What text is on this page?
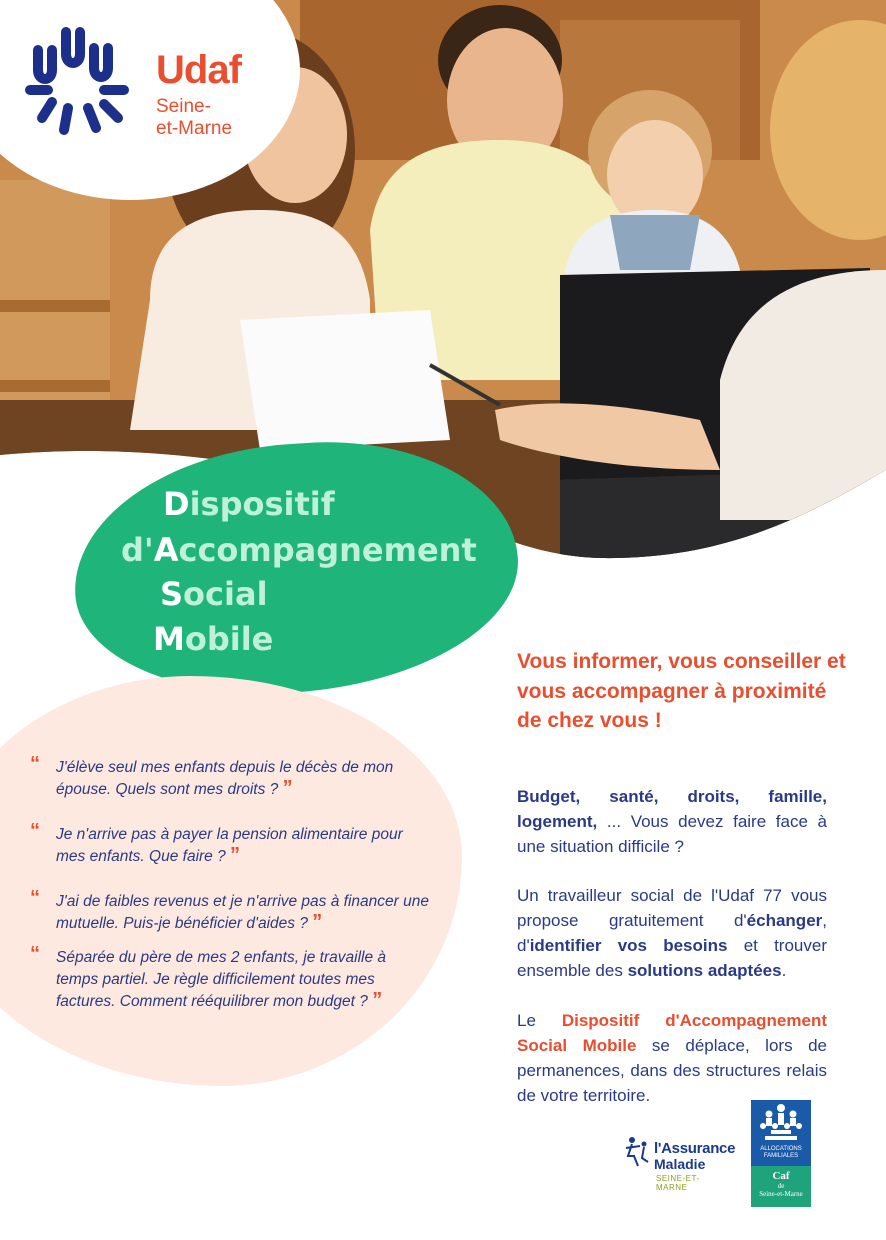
Udaf
Seine-
et-Marne
Dispositif
d'Accompagnement
Social
Mobile
“	J'élève seul mes enfants depuis le décès de mon épouse. Quels sont mes droits ? ”
“	Je n'arrive pas à payer la pension alimentaire pour mes enfants. Que faire ? ”
“	J'ai de faibles revenus et je n'arrive pas à financer une mutuelle. Puis-je bénéficier d'aides ? ”
“	Séparée du père de mes 2 enfants, je travaille à temps partiel. Je règle difficilement toutes mes factures. Comment rééquilibrer mon budget ? ”
Vous informer, vous conseiller et vous accompagner à proximité de chez vous !
Budget, santé, droits, famille, logement, ... Vous devez faire face à une situation difficile ?
Un travailleur social de l'Udaf 77 vous propose gratuitement d'échanger, d'identifier vos besoins et trouver ensemble des solutions adaptées.
Le Dispositif d'Accompagnement Social Mobile se déplace, lors de permanences, dans des structures relais de votre territoire.
l'Assurance
Maladie
SEINE-ET-MARNE
ALLOCATIONS
FAMILIALES
Caf
de
Seine-et-Marne
